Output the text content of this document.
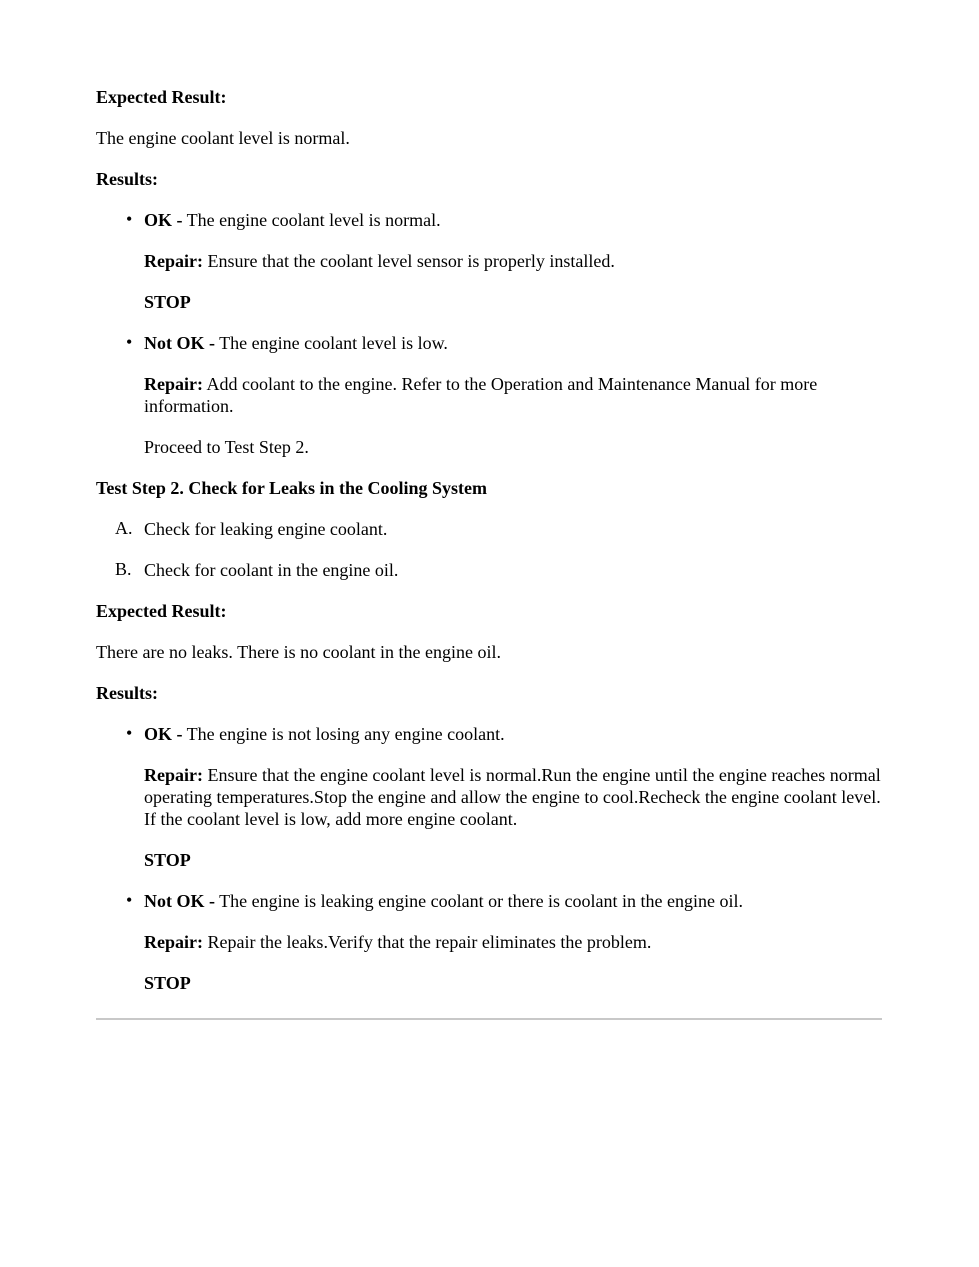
Expected Result:

The engine coolant level is normal.

Results:

• OK - The engine coolant level is normal.

Repair: Ensure that the coolant level sensor is properly installed.

STOP

• Not OK - The engine coolant level is low.

Repair: Add coolant to the engine. Refer to the Operation and Maintenance Manual for more information.

Proceed to Test Step 2.

Test Step 2. Check for Leaks in the Cooling System

A. Check for leaking engine coolant.

B. Check for coolant in the engine oil.

Expected Result:

There are no leaks. There is no coolant in the engine oil.

Results:

• OK - The engine is not losing any engine coolant.

Repair: Ensure that the engine coolant level is normal.Run the engine until the engine reaches normal operating temperatures.Stop the engine and allow the engine to cool.Recheck the engine coolant level. If the coolant level is low, add more engine coolant.

STOP

• Not OK - The engine is leaking engine coolant or there is coolant in the engine oil.

Repair: Repair the leaks.Verify that the repair eliminates the problem.

STOP
